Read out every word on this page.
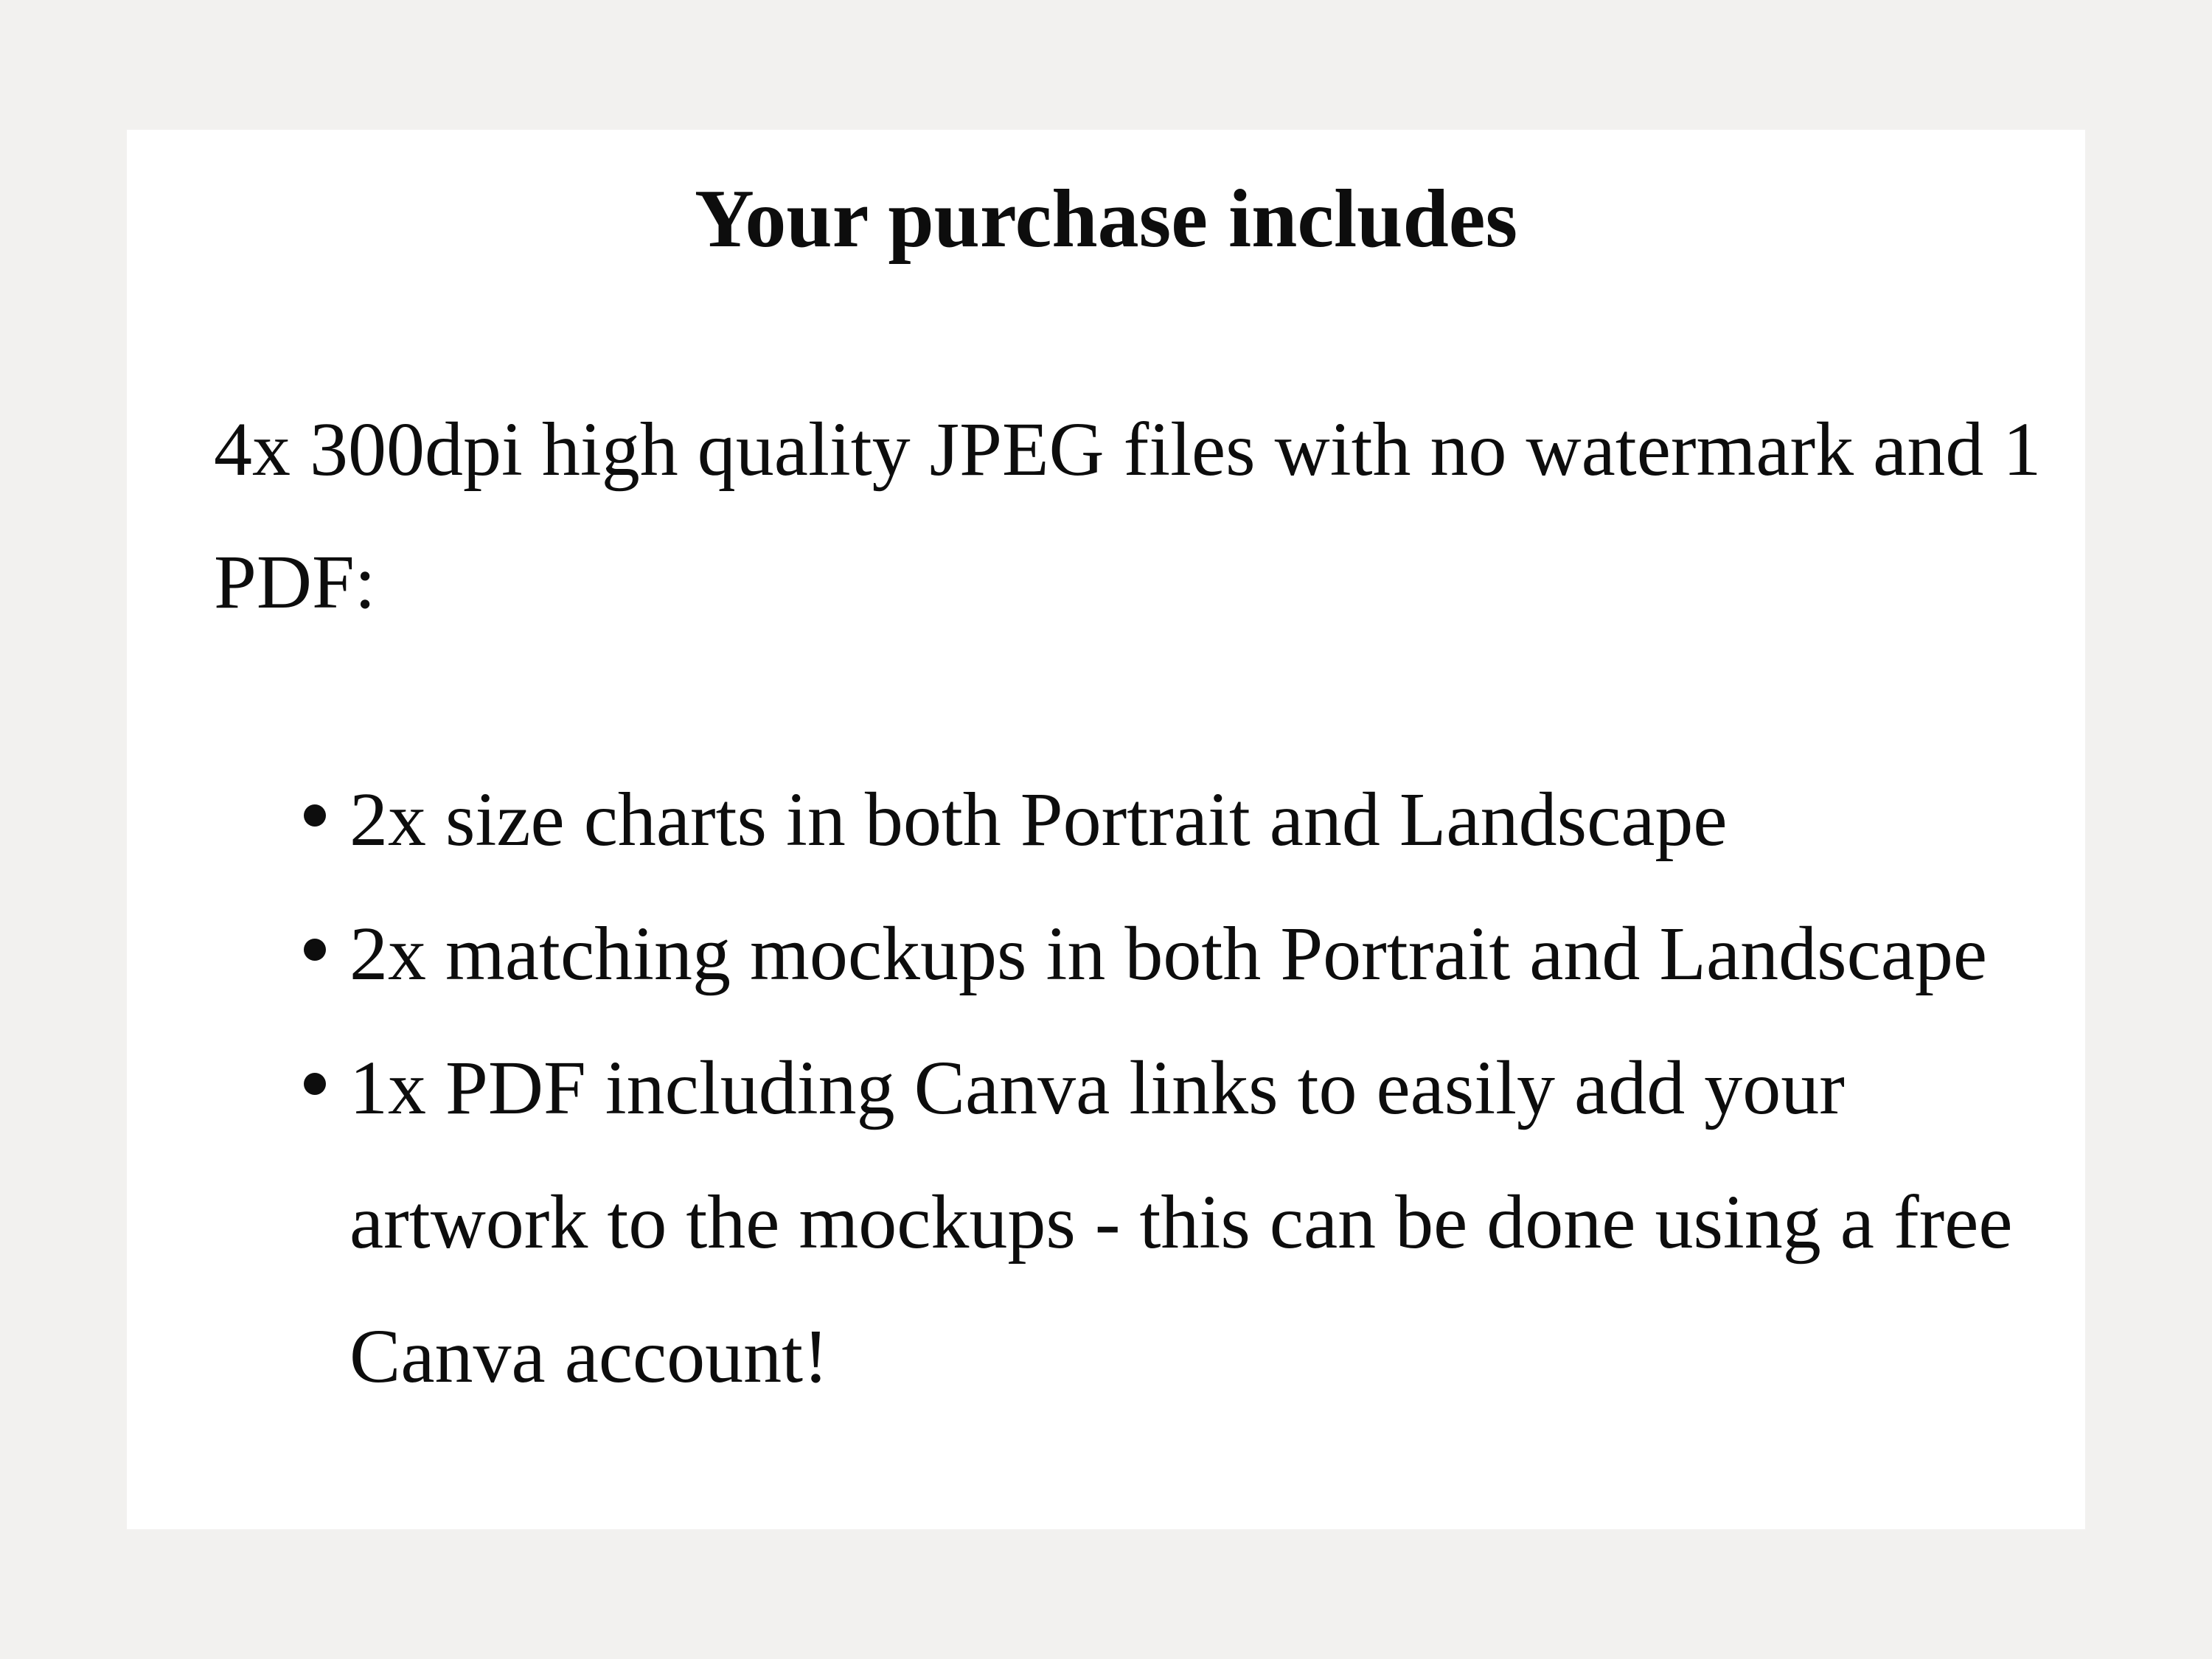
Your purchase includes

4x 300dpi high quality JPEG files with no watermark and 1 PDF:

2x size charts in both Portrait and Landscape
2x matching mockups in both Portrait and Landscape
1x PDF including Canva links to easily add your artwork to the mockups - this can be done using a free Canva account!
